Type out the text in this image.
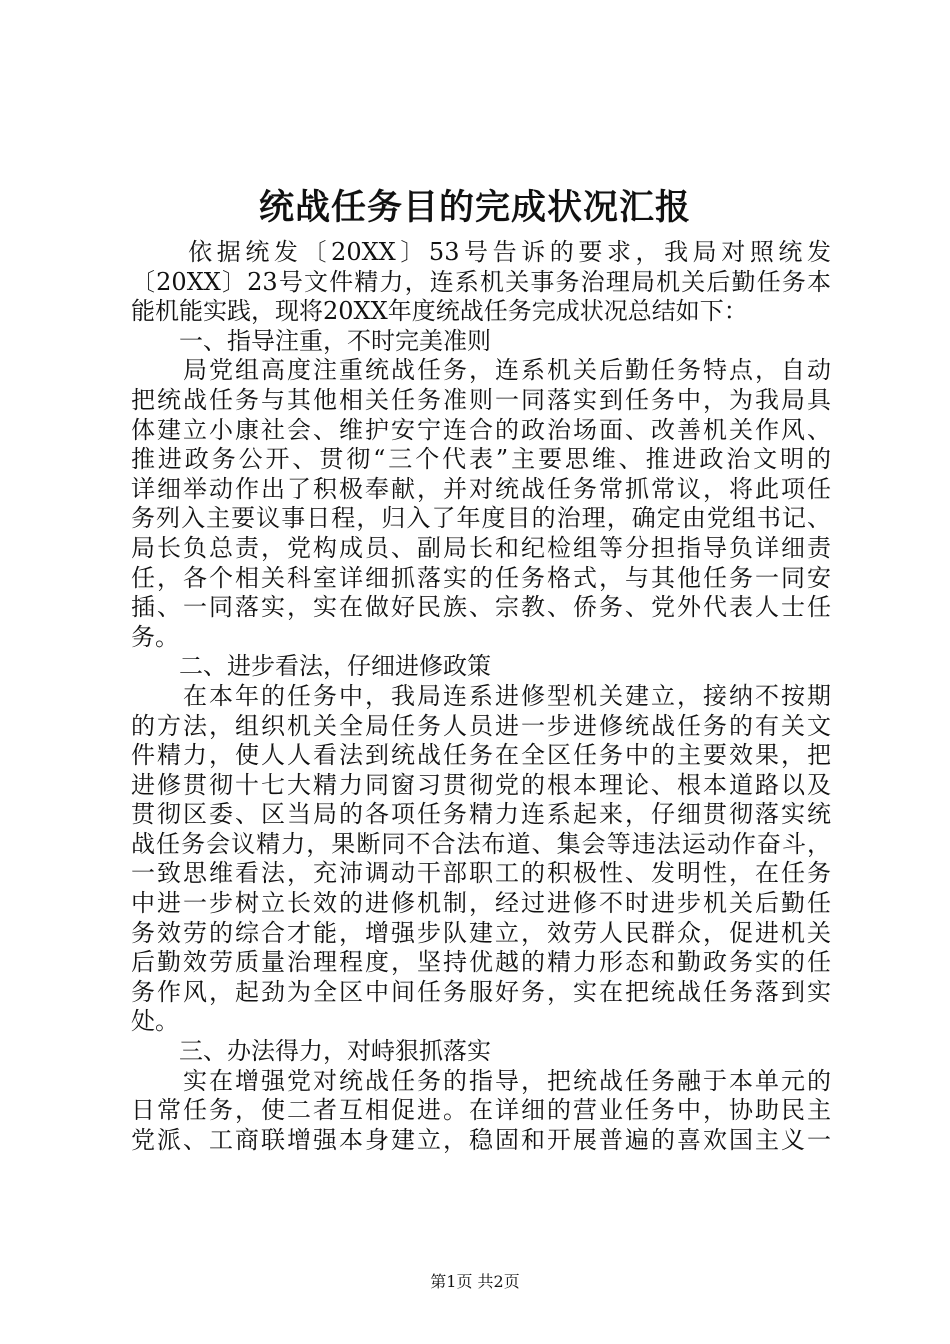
统战任务目的完成状况汇报
　　依据统发〔20XX〕53号告诉的要求，我局对照统发
〔20XX〕23号文件精力，连系机关事务治理局机关后勤任务本
能机能实践，现将20XX年度统战任务完成状况总结如下：
　　一、指导注重，不时完美准则
　　局党组高度注重统战任务，连系机关后勤任务特点，自动
把统战任务与其他相关任务准则一同落实到任务中，为我局具
体建立小康社会、维护安宁连合的政治场面、改善机关作风、
推进政务公开、贯彻“三个代表”主要思维、推进政治文明的
详细举动作出了积极奉献，并对统战任务常抓常议，将此项任
务列入主要议事日程，归入了年度目的治理，确定由党组书记、
局长负总责，党构成员、副局长和纪检组等分担指导负详细责
任，各个相关科室详细抓落实的任务格式，与其他任务一同安
插、一同落实，实在做好民族、宗教、侨务、党外代表人士任
务。
　　二、进步看法，仔细进修政策
　　在本年的任务中，我局连系进修型机关建立，接纳不按期
的方法，组织机关全局任务人员进一步进修统战任务的有关文
件精力，使人人看法到统战任务在全区任务中的主要效果，把
进修贯彻十七大精力同窗习贯彻党的根本理论、根本道路以及
贯彻区委、区当局的各项任务精力连系起来，仔细贯彻落实统
战任务会议精力，果断同不合法布道、集会等违法运动作奋斗，
一致思维看法，充沛调动干部职工的积极性、发明性，在任务
中进一步树立长效的进修机制，经过进修不时进步机关后勤任
务效劳的综合才能，增强步队建立，效劳人民群众，促进机关
后勤效劳质量治理程度，坚持优越的精力形态和勤政务实的任
务作风，起劲为全区中间任务服好务，实在把统战任务落到实
处。
　　三、办法得力，对峙狠抓落实
　　实在增强党对统战任务的指导，把统战任务融于本单元的
日常任务，使二者互相促进。在详细的营业任务中，协助民主
党派、工商联增强本身建立，稳固和开展普遍的喜欢国主义一
第1页 共2页
